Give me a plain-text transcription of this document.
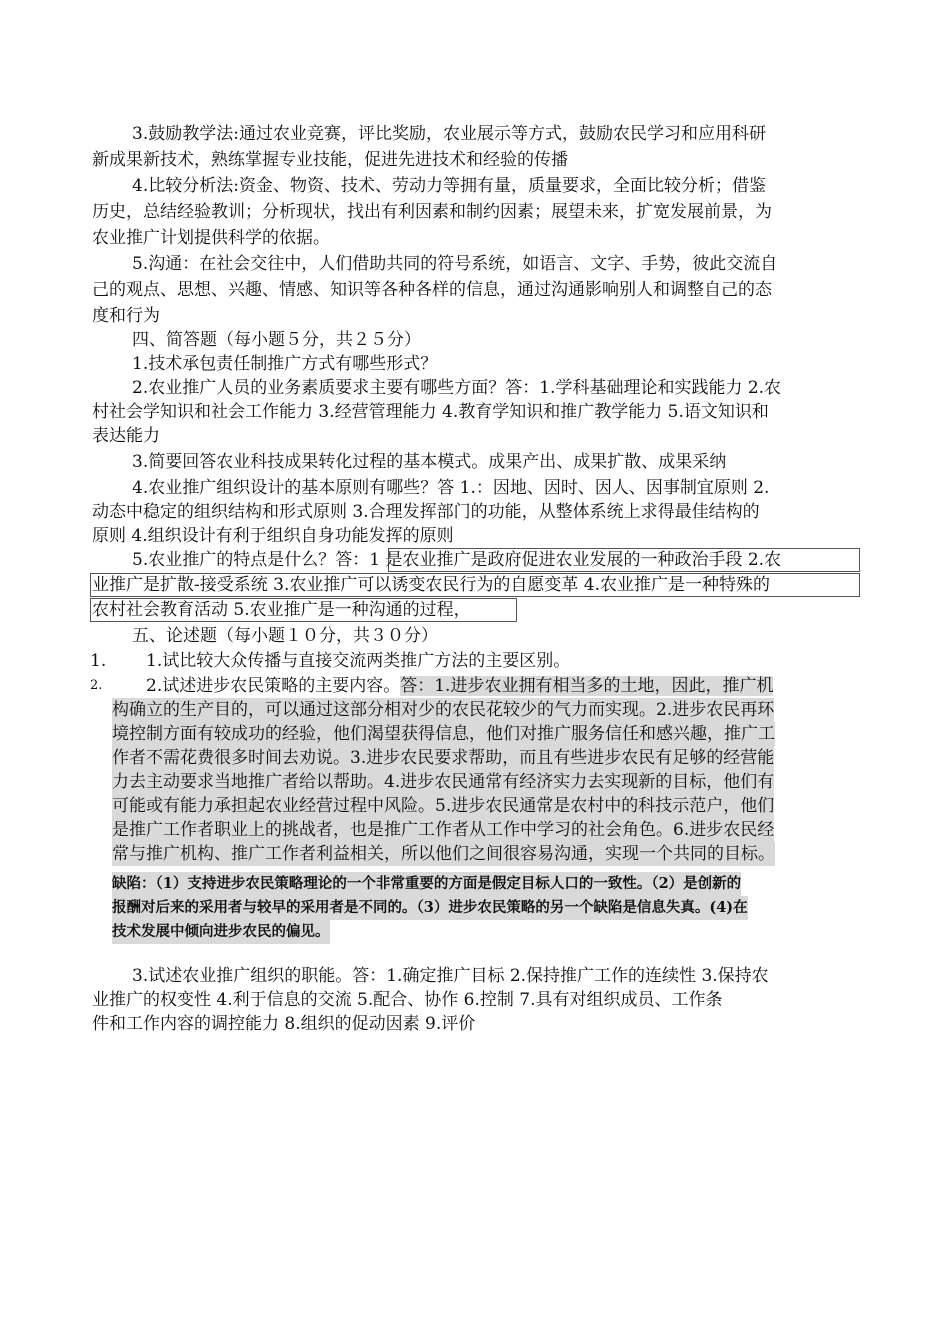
3.鼓励教学法:通过农业竞赛，评比奖励，农业展示等方式，鼓励农民学习和应用科研
新成果新技术，熟练掌握专业技能，促进先进技术和经验的传播
4.比较分析法:资金、物资、技术、劳动力等拥有量，质量要求，全面比较分析；借鉴
历史，总结经验教训；分析现状，找出有利因素和制约因素；展望未来，扩宽发展前景，为
农业推广计划提供科学的依据。
5.沟通：在社会交往中，人们借助共同的符号系统，如语言、文字、手势，彼此交流自
己的观点、思想、兴趣、情感、知识等各种各样的信息，通过沟通影响别人和调整自己的态
度和行为
四、简答题（每小题５分，共２５分）
1.技术承包责任制推广方式有哪些形式？
2.农业推广人员的业务素质要求主要有哪些方面？答：1.学科基础理论和实践能力 2.农
村社会学知识和社会工作能力 3.经营管理能力 4.教育学知识和推广教学能力 5.语文知识和
表达能力
3.简要回答农业科技成果转化过程的基本模式。成果产出、成果扩散、成果采纳
4.农业推广组织设计的基本原则有哪些？答 1.：因地、因时、因人、因事制宜原则 2.
动态中稳定的组织结构和形式原则 3.合理发挥部门的功能，从整体系统上求得最佳结构的
原则 4.组织设计有利于组织自身功能发挥的原则
5.农业推广的特点是什么？答：1 是农业推广是政府促进农业发展的一种政治手段 2.农
业推广是扩散-接受系统 3.农业推广可以诱变农民行为的自愿变革 4.农业推广是一种特殊的
农村社会教育活动 5.农业推广是一种沟通的过程，
五、论述题（每小题１０分，共３０分）
1. 1.试比较大众传播与直接交流两类推广方法的主要区别。
2.	2.试述进步农民策略的主要内容。答：1.进步农业拥有相当多的土地，因此，推广机
构确立的生产目的，可以通过这部分相对少的农民花较少的气力而实现。2.进步农民再环
境控制方面有较成功的经验，他们渴望获得信息，他们对推广服务信任和感兴趣，推广工
作者不需花费很多时间去劝说。3.进步农民要求帮助，而且有些进步农民有足够的经营能
力去主动要求当地推广者给以帮助。4.进步农民通常有经济实力去实现新的目标，他们有
可能或有能力承担起农业经营过程中风险。5.进步农民通常是农村中的科技示范户，他们
是推广工作者职业上的挑战者，也是推广工作者从工作中学习的社会角色。6.进步农民经
常与推广机构、推广工作者利益相关，所以他们之间很容易沟通，实现一个共同的目标。
缺陷：（1）支持进步农民策略理论的一个非常重要的方面是假定目标人口的一致性。（2）是创新的
报酬对后来的采用者与较早的采用者是不同的。（3）进步农民策略的另一个缺陷是信息失真。(4)在
技术发展中倾向进步农民的偏见。
3.试述农业推广组织的职能。答：1.确定推广目标 2.保持推广工作的连续性 3.保持农
业推广的权变性 4.利于信息的交流 5.配合、协作 6.控制 7.具有对组织成员、工作条
件和工作内容的调控能力 8.组织的促动因素 9.评价
